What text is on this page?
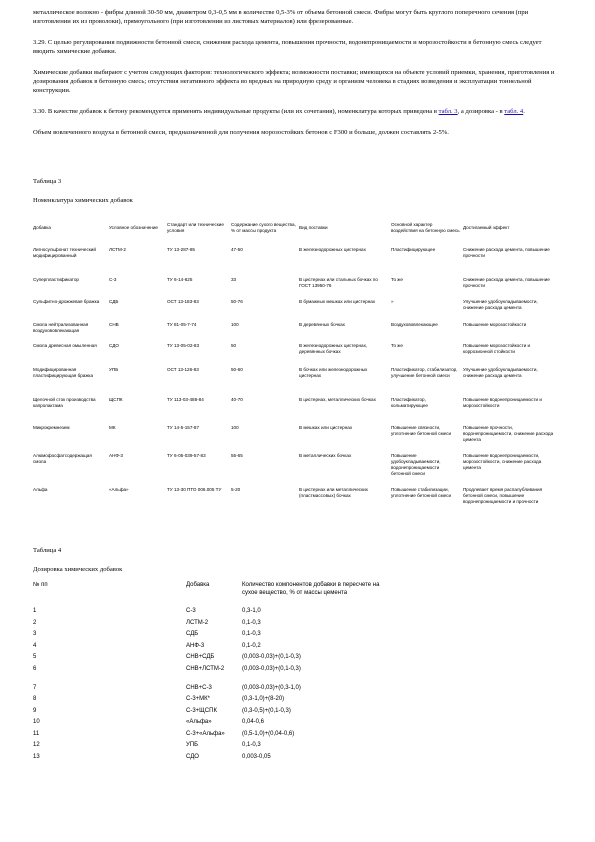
металлическое волокно - фибры длиной 30-50 мм, диаметром 0,3-0,5 мм в количестве 0,5-3% от объема бетонной смеси. Фибры могут быть круглого поперечного сечения (при изготовлении их из проволоки), прямоугольного (при изготовлении из листовых материалов) или фрезерованные.

3.29. С целью регулирования подвижности бетонной смеси, снижения расхода цемента, повышения прочности, водонепроницаемости и морозостойкости в бетонную смесь следует вводить химические добавки.

Химические добавки выбирают с учетом следующих факторов: технологического эффекта; возможности поставки; имеющихся на объекте условий приемки, хранения, приготовления и дозирования добавок в бетонную смесь; отсутствия негативного эффекта во вредных на природную среду и организм человека в стадиях возведения и эксплуатации тоннельной конструкции.

3.30. В качестве добавок к бетону рекомендуется применять индивидуальные продукты (или их сочетания), номенклатура которых приведена в табл. 3, а дозировка - в табл. 4.

Объем вовлеченного воздуха в бетонной смеси, предназначенной для получения морозостойких бетонов с F300 и больше, должен составлять 2-5%.

Таблица 3
Номенклатура химических добавок
Добавка	Условное обозначение	Стандарт или технические условия	Содержание сухого вещества, % от массы продукта	Вид поставки	Основной характер воздействия на бетонную смесь	Достигаемый эффект
Лигносульфонат технический модифицированный	ЛСТМ-2	ТУ 13-287-85	47-50	В железнодорожных цистернах	Пластифицирующее	Снижение расхода цемента, повышение прочности
Суперпластификатор	С-3	ТУ 6-14-625	33	В цистернах или стальных бочках по ГОСТ 13950-76	То же	Снижение расхода цемента, повышение прочности
Сульфитно-дрожжевая бражка	СДБ	ОСТ 13-183-83	50-76	В бумажных мешках или цистернах	»	Улучшение удобоукладываемости, снижение расхода цемента
Смола нейтрализованная воздухововлекающая	СНВ	ТУ 81-05-7-74	100	В деревянных бочках	Воздухововлекающее	Повышение морозостойкости
Смола древесная омыленная	СДО	ТУ 13-05-02-83	50	В железнодорожных цистернах, деревянных бочках	То же	Повышение морозостойкости и коррозионной стойкости
Модифицированная пластифицирующая бражка	УПБ	ОСТ 13-126-83	50-60	В бочках или железнодорожных цистернах	Пластификатор, стабилизатор, улучшение бетонной смеси	Улучшение удобоукладываемости, снижение расхода цемента
Щелочной сток производства капролактама	ЩСПК	ТУ 113-03-488-84	40-70	В цистернах, металлических бочках	Пластификатор, кольматирующее	Повышение водонепроницаемости и морозостойкости
Микрокремнезем	МК	ТУ 14-5-157-87	100	В мешках или цистернах	Повышение связности, уплотнение бетонной смеси	Повышение прочности, водонепроницаемости, снижение расхода цемента
Алюмофосфатсодержащая смола	АНФ-3	ТУ 6-05-039-57-83	55-65	В металлических бочках	Повышение удобоукладываемости, водонепроницаемости бетонной смеси	Повышение водонепроницаемости, морозостойкости, снижение расхода цемента
Альфа	«Альфа»	ТУ 13-30 ПТО 006.005 ТУ	5-20	В цистернах или металлических (пластмассовых) бочках	Повышение стабилизации, уплотнение бетонной смеси	Продлевает время распалубливания бетонной смеси, повышение водонепроницаемости и прочности
Таблица 4
Дозировка химических добавок
№ пп	Добавка	Количество компонентов добавки в пересчете на сухое вещество, % от массы цемента
1	С-3	0,3-1,0
2	ЛСТМ-2	0,1-0,3
3	СДБ	0,1-0,3
4	АНФ-3	0,1-0,2
5	СНВ+СДБ	(0,003-0,03)+(0,1-0,3)
6	СНВ+ЛСТМ-2	(0,003-0,03)+(0,1-0,3)
7	СНВ+С-3	(0,003-0,03)+(0,3-1,0)
8	С-3+МК*	(0,3-1,0)+(8-20)
9	С-3+ЩСПК	(0,3-0,5)+(0,1-0,3)
10	«Альфа»	0,04-0,6
11	С-3+«Альфа»	(0,5-1,0)+(0,04-0,6)
12	УПБ	0,1-0,3
13	СДО	0,003-0,05
